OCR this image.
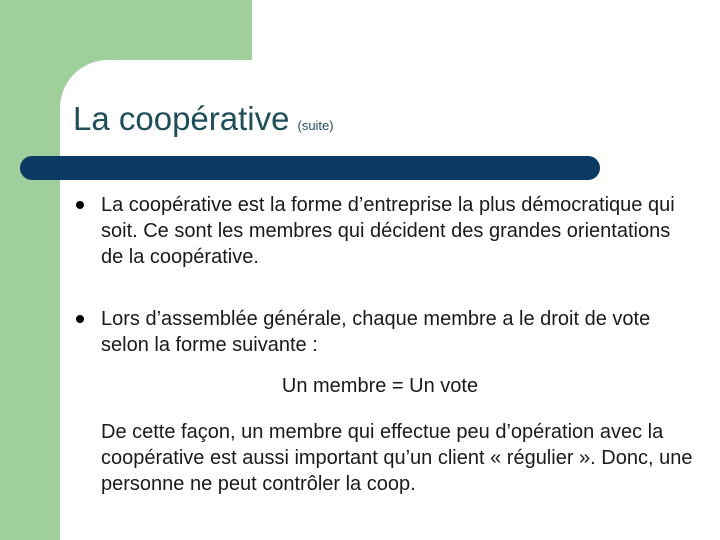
La coopérative (suite)

La coopérative est la forme d’entreprise la plus démocratique qui soit. Ce sont les membres qui décident des grandes orientations de la coopérative.

Lors d’assemblée générale, chaque membre a le droit de vote selon la forme suivante :

Un membre = Un vote

De cette façon, un membre qui effectue peu d’opération avec la coopérative est aussi important qu’un client « régulier ». Donc, une personne ne peut contrôler la coop.
